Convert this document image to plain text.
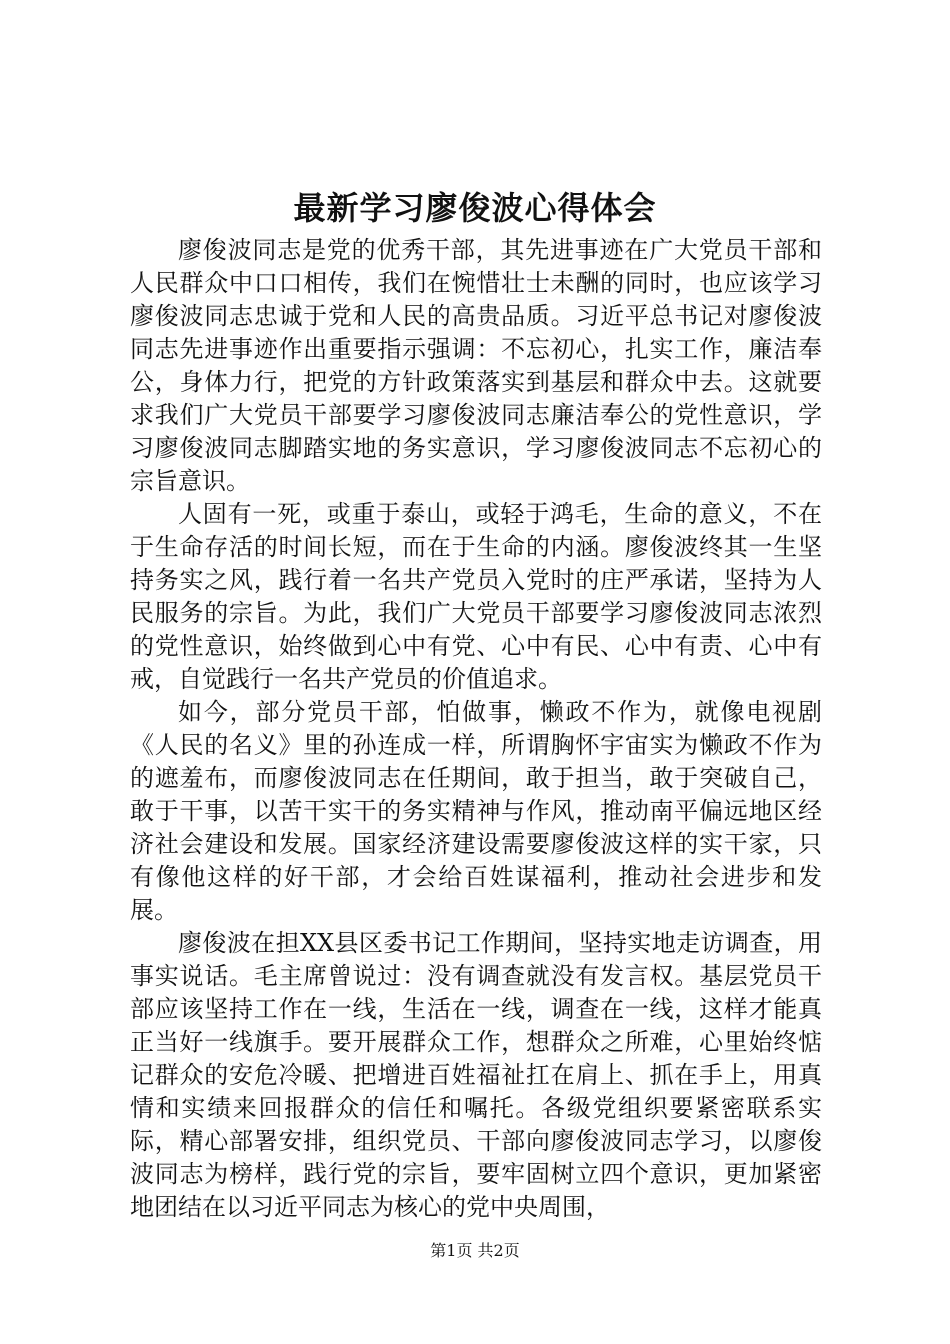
最新学习廖俊波心得体会

廖俊波同志是党的优秀干部，其先进事迹在广大党员干部和人民群众中口口相传，我们在惋惜壮士未酬的同时，也应该学习廖俊波同志忠诚于党和人民的高贵品质。习近平总书记对廖俊波同志先进事迹作出重要指示强调：不忘初心，扎实工作，廉洁奉公，身体力行，把党的方针政策落实到基层和群众中去。这就要求我们广大党员干部要学习廖俊波同志廉洁奉公的党性意识，学习廖俊波同志脚踏实地的务实意识，学习廖俊波同志不忘初心的宗旨意识。

人固有一死，或重于泰山，或轻于鸿毛，生命的意义，不在于生命存活的时间长短，而在于生命的内涵。廖俊波终其一生坚持务实之风，践行着一名共产党员入党时的庄严承诺，坚持为人民服务的宗旨。为此，我们广大党员干部要学习廖俊波同志浓烈的党性意识，始终做到心中有党、心中有民、心中有责、心中有戒，自觉践行一名共产党员的价值追求。

如今，部分党员干部，怕做事，懒政不作为，就像电视剧《人民的名义》里的孙连成一样，所谓胸怀宇宙实为懒政不作为的遮羞布，而廖俊波同志在任期间，敢于担当，敢于突破自己，敢于干事，以苦干实干的务实精神与作风，推动南平偏远地区经济社会建设和发展。国家经济建设需要廖俊波这样的实干家，只有像他这样的好干部，才会给百姓谋福利，推动社会进步和发展。

廖俊波在担XX县区委书记工作期间，坚持实地走访调查，用事实说话。毛主席曾说过：没有调查就没有发言权。基层党员干部应该坚持工作在一线，生活在一线，调查在一线，这样才能真正当好一线旗手。要开展群众工作，想群众之所难，心里始终惦记群众的安危冷暖、把增进百姓福祉扛在肩上、抓在手上，用真情和实绩来回报群众的信任和嘱托。各级党组织要紧密联系实际，精心部署安排，组织党员、干部向廖俊波同志学习，以廖俊波同志为榜样，践行党的宗旨，要牢固树立四个意识，更加紧密地团结在以习近平同志为核心的党中央周围，

第1页 共2页
